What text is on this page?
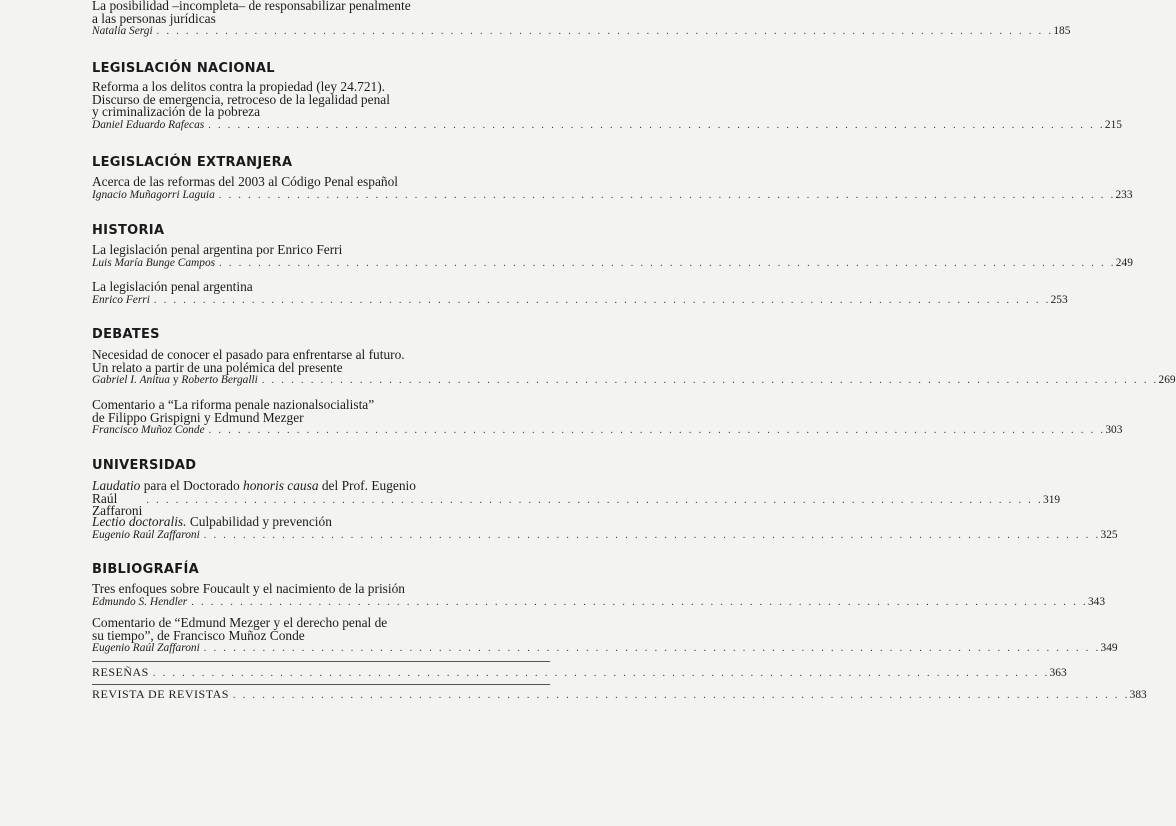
La posibilidad –incompleta– de responsabilizar penalmente
a las personas jurídicas
Natalia Sergi . . . . . . . . . . . . . . . . . . . . . . . . . . . . . . . . . . . . . . . . . . . . . . . . . . . . . . . . . . . . . . . . . . . . . . . . . . . . . . . . . . . . . . . . . . . . 185
LEGISLACIÓN NACIONAL
Reforma a los delitos contra la propiedad (ley 24.721).
Discurso de emergencia, retroceso de la legalidad penal
y criminalización de la pobreza
Daniel Eduardo Rafecas . . . . . . . . . . . . . . . . . . . . . . . . . . . . . . . . . . . . . . . . . . . . . . . . . . . . . . . . . . . . . . . . . . . . . . . . . . . . . . . . . . . . . . . . . . . . 215
LEGISLACIÓN EXTRANJERA
Acerca de las reformas del 2003 al Código Penal español
Ignacio Muñagorri Laguia . . . . . . . . . . . . . . . . . . . . . . . . . . . . . . . . . . . . . . . . . . . . . . . . . . . . . . . . . . . . . . . . . . . . . . . . . . . . . . . . . . . . . . . . . . . . 233
HISTORIA
La legislación penal argentina por Enrico Ferri
Luis María Bunge Campos . . . . . . . . . . . . . . . . . . . . . . . . . . . . . . . . . . . . . . . . . . . . . . . . . . . . . . . . . . . . . . . . . . . . . . . . . . . . . . . . . . . . . . . . . . . . 249
La legislación penal argentina
Enrico Ferri . . . . . . . . . . . . . . . . . . . . . . . . . . . . . . . . . . . . . . . . . . . . . . . . . . . . . . . . . . . . . . . . . . . . . . . . . . . . . . . . . . . . . . . . . . . . 253
DEBATES
Necesidad de conocer el pasado para enfrentarse al futuro.
Un relato a partir de una polémica del presente
Gabriel I. Anitua y Roberto Bergalli . . . . . . . . . . . . . . . . . . . . . . . . . . . . . . . . . . . . . . . . . . . . . . . . . . . . . . . . . . . . . . . . . . . . . . . . . . . . . . . . . . . . . . . . . . . . 269
Comentario a “La riforma penale nazionalsocialista”
de Filippo Grispigni y Edmund Mezger
Francisco Muñoz Conde . . . . . . . . . . . . . . . . . . . . . . . . . . . . . . . . . . . . . . . . . . . . . . . . . . . . . . . . . . . . . . . . . . . . . . . . . . . . . . . . . . . . . . . . . . . . 303
UNIVERSIDAD
Laudatio para el Doctorado honoris causa del Prof. Eugenio
Raúl Zaffaroni
. . . . . . . . . . . . . . . . . . . . . . . . . . . . . . . . . . . . . . . . . . . . . . . . . . . . . . . . . . . . . . . . . . . . . . . . . . . . . . . . . . . . . . . . . . . . 319
Lectio doctoralis. Culpabilidad y prevención
Eugenio Raúl Zaffaroni . . . . . . . . . . . . . . . . . . . . . . . . . . . . . . . . . . . . . . . . . . . . . . . . . . . . . . . . . . . . . . . . . . . . . . . . . . . . . . . . . . . . . . . . . . . . 325
BIBLIOGRAFÍA
Tres enfoques sobre Foucault y el nacimiento de la prisión
Edmundo S. Hendler . . . . . . . . . . . . . . . . . . . . . . . . . . . . . . . . . . . . . . . . . . . . . . . . . . . . . . . . . . . . . . . . . . . . . . . . . . . . . . . . . . . . . . . . . . . . 343
Comentario de “Edmund Mezger y el derecho penal de
su tiempo”, de Francisco Muñoz Conde
Eugenio Raúl Zaffaroni . . . . . . . . . . . . . . . . . . . . . . . . . . . . . . . . . . . . . . . . . . . . . . . . . . . . . . . . . . . . . . . . . . . . . . . . . . . . . . . . . . . . . . . . . . . . 349
RESEÑAS . . . . . . . . . . . . . . . . . . . . . . . . . . . . . . . . . . . . . . . . . . . . . . . . . . . . . . . . . . . . . . . . . . . . . . . . . . . . . . . . . . . . . . . . . . . . 363
REVISTA DE REVISTAS . . . . . . . . . . . . . . . . . . . . . . . . . . . . . . . . . . . . . . . . . . . . . . . . . . . . . . . . . . . . . . . . . . . . . . . . . . . . . . . . . . . . . . . . . . . . 383
